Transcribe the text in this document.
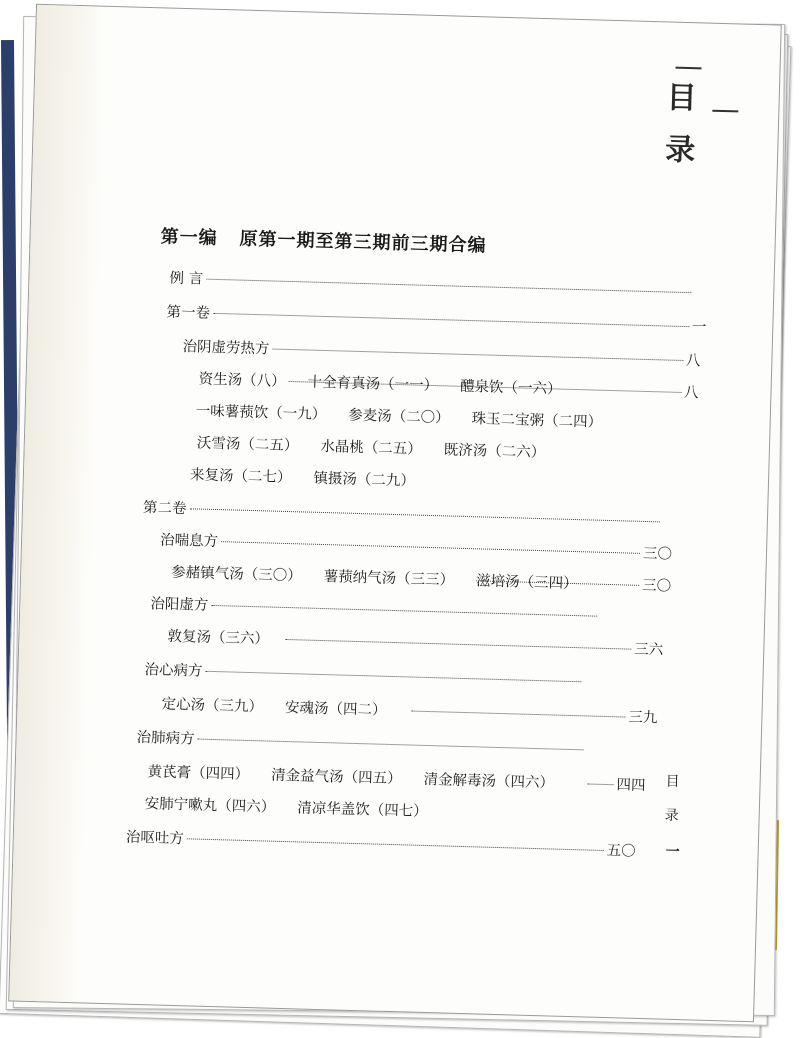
目
录
第一编 原第一期至第三期前三期合编
例 言
第一卷
一
治阴虚劳热方
八
八
资生汤（八） 十全育真汤（一一） 醴泉饮（一六）
一味薯蓣饮（一九） 参麦汤（二〇） 珠玉二宝粥（二四）
沃雪汤（二五） 水晶桃（二五） 既济汤（二六）
来复汤（二七） 镇摄汤（二九）
第二卷
治喘息方
三〇
三〇
参赭镇气汤（三〇） 薯蓣纳气汤（三三） 滋培汤（三四）
治阳虚方
三六
敦复汤（三六）
治心病方
三九
定心汤（三九） 安魂汤（四二）
治肺病方
四四
黄芪膏（四四） 清金益气汤（四五） 清金解毒汤（四六）
安肺宁嗽丸（四六） 清凉华盖饮（四七）
治呕吐方
五〇
目
录
一
